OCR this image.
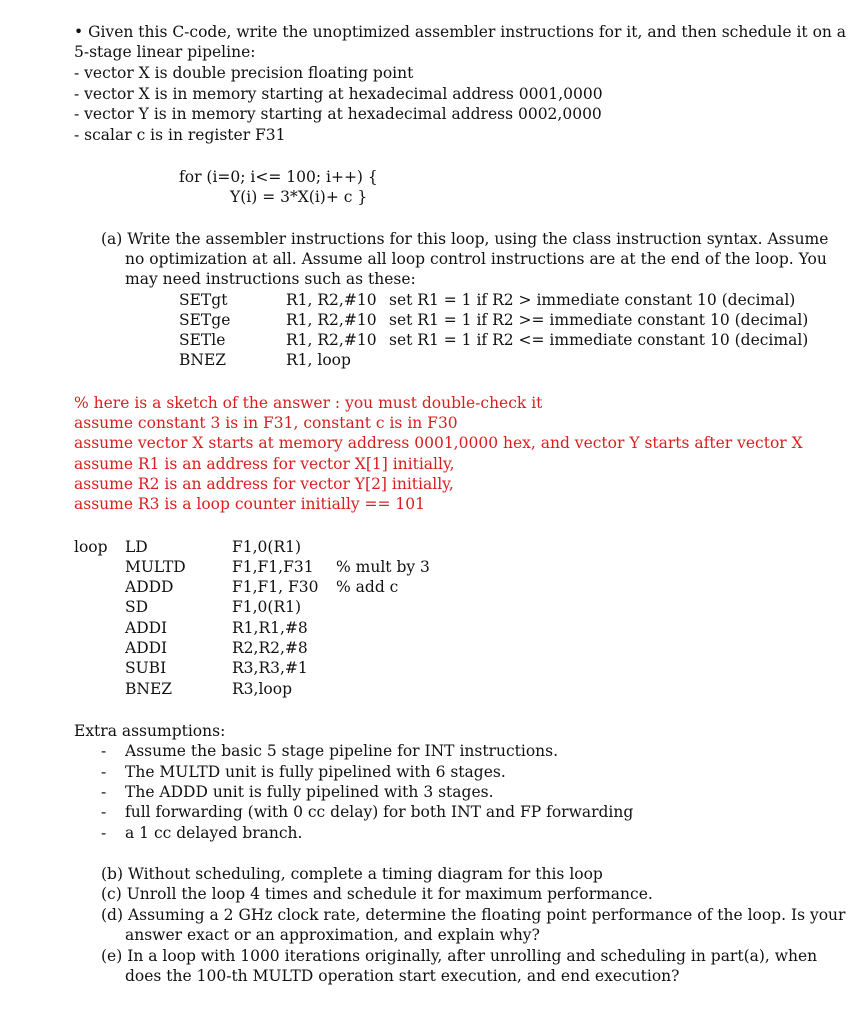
• Given this C-code, write the unoptimized assembler instructions for it, and then schedule it on a
5-stage linear pipeline:
- vector X is double precision floating point
- vector X is in memory starting at hexadecimal address 0001,0000
- vector Y is in memory starting at hexadecimal address 0002,0000
- scalar c is in register F31
for (i=0; i<= 100; i++) {
Y(i) = 3*X(i)+ c }
(a) Write the assembler instructions for this loop, using the class instruction syntax. Assume
no optimization at all. Assume all loop control instructions are at the end of the loop. You
may need instructions such as these:
SETgt	R1, R2,#10 set R1 = 1 if R2 > immediate constant 10 (decimal)
SETge	R1, R2,#10 set R1 = 1 if R2 >= immediate constant 10 (decimal)
SETle	R1, R2,#10 set R1 = 1 if R2 <= immediate constant 10 (decimal)
BNEZ	R1, loop
% here is a sketch of the answer : you must double-check it
assume constant 3 is in F31, constant c is in F30
assume vector X starts at memory address 0001,0000 hex, and vector Y starts after vector X
assume R1 is an address for vector X[1] initially,
assume R2 is an address for vector Y[2] initially,
assume R3 is a loop counter initially == 101
loop LD	F1,0(R1)
MULTD	F1,F1,F31 % mult by 3
ADDD	F1,F1, F30 % add c
SD	F1,0(R1)
ADDI	R1,R1,#8
ADDI	R2,R2,#8
SUBI	R3,R3,#1
BNEZ	R3,loop
Extra assumptions:
- Assume the basic 5 stage pipeline for INT instructions.
- The MULTD unit is fully pipelined with 6 stages.
- The ADDD unit is fully pipelined with 3 stages.
- full forwarding (with 0 cc delay) for both INT and FP forwarding
- a 1 cc delayed branch.
(b) Without scheduling, complete a timing diagram for this loop
(c) Unroll the loop 4 times and schedule it for maximum performance.
(d) Assuming a 2 GHz clock rate, determine the floating point performance of the loop. Is your
answer exact or an approximation, and explain why?
(e) In a loop with 1000 iterations originally, after unrolling and scheduling in part(a), when
does the 100-th MULTD operation start execution, and end execution?
